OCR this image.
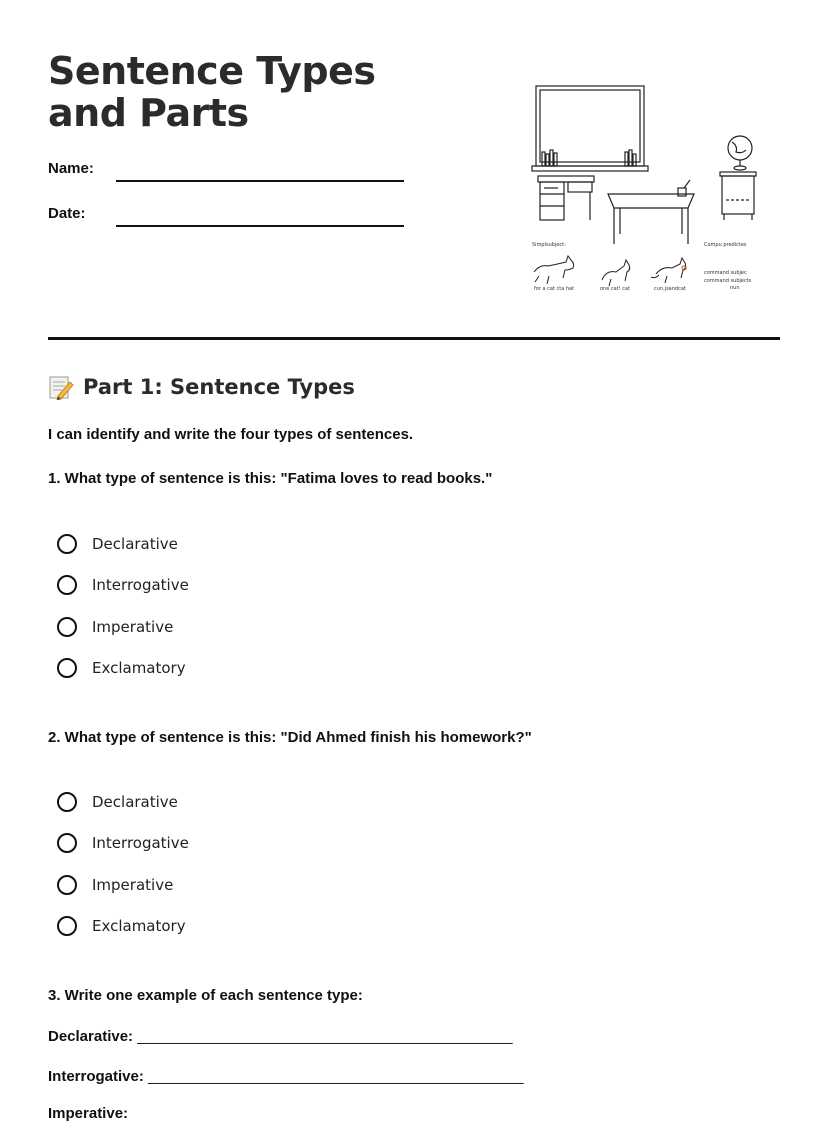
Sentence Types and Parts
Name:
Date:
Simplsubject:	Compu predictes
for a cat cta hat	one cat! cat	cun,jsandcat
command subjec
command subjects
nun
Part 1: Sentence Types
I can identify and write the four types of sentences.
1. What type of sentence is this: "Fatima loves to read books."
Declarative
Interrogative
Imperative
Exclamatory
2. What type of sentence is this: "Did Ahmed finish his homework?"
Declarative
Interrogative
Imperative
Exclamatory
3. Write one example of each sentence type:
Declarative: _____________________________________________
Interrogative: _____________________________________________
Imperative:
